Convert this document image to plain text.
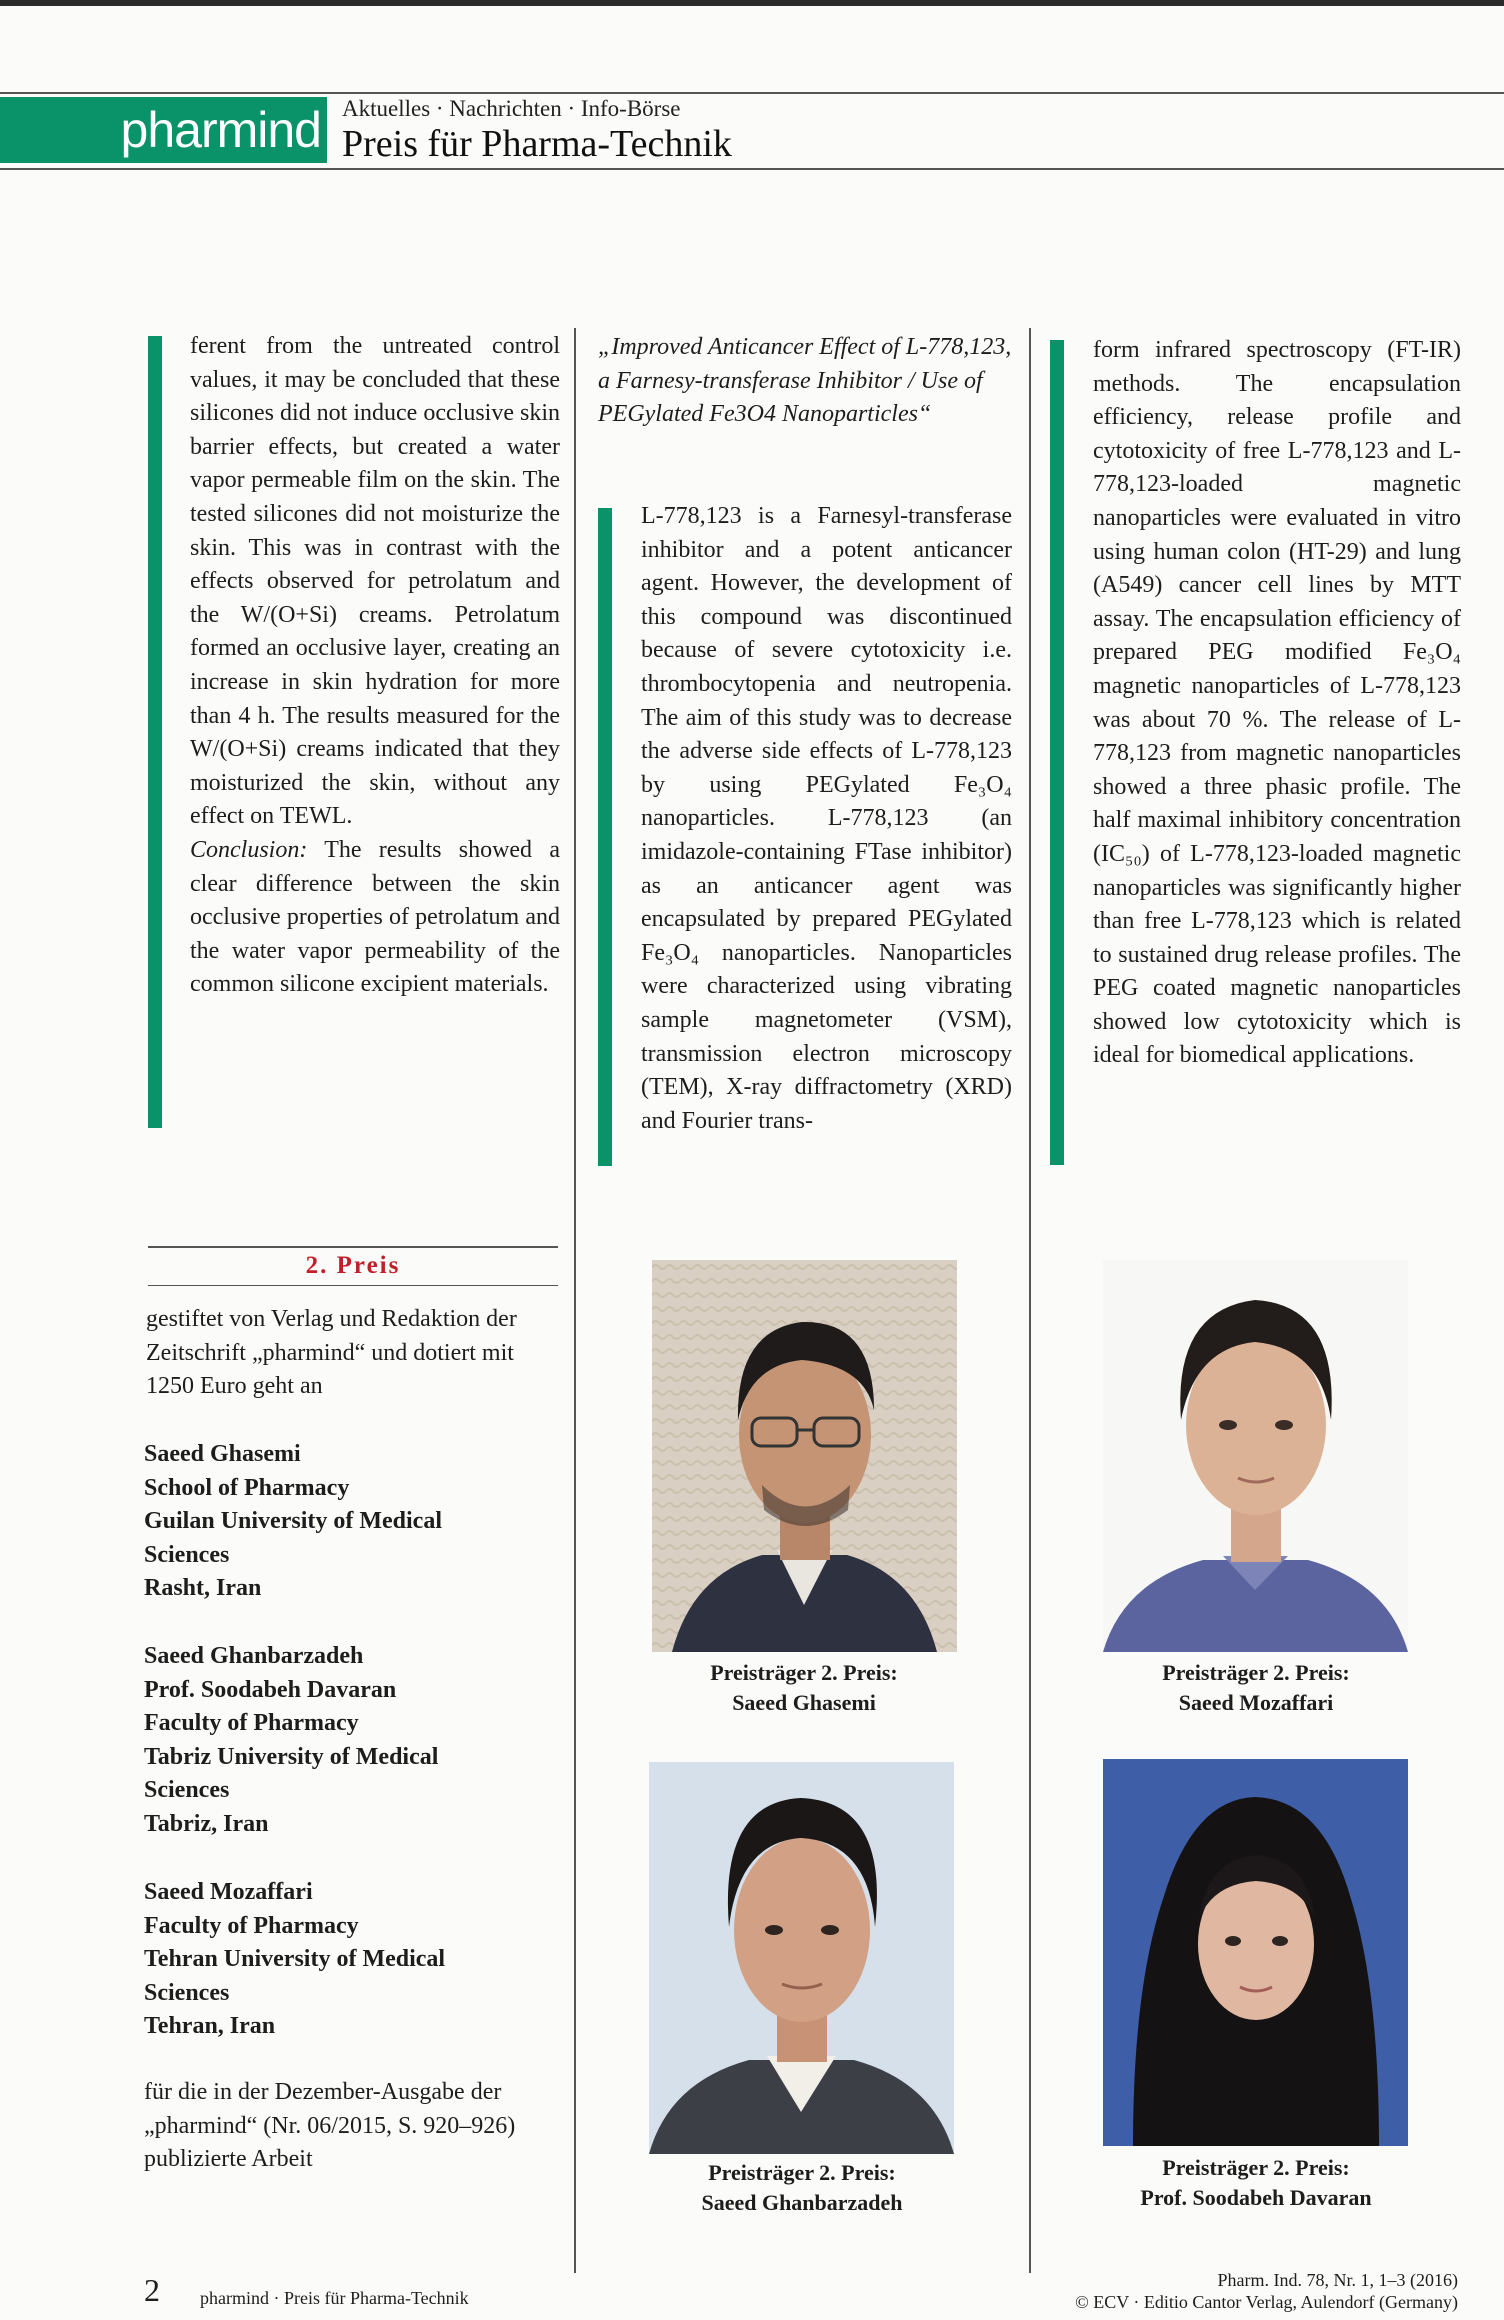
pharmind Aktuelles · Nachrichten · Info-Börse
Preis für Pharma-Technik

ferent from the untreated control values, it may be concluded that these silicones did not induce occlusive skin barrier effects, but created a water vapor permeable film on the skin. The tested silicones did not moisturize the skin. This was in contrast with the effects observed for petrolatum and the W/(O+Si) creams. Petrolatum formed an occlusive layer, creating an increase in skin hydration for more than 4 h. The results measured for the W/(O+Si) creams indicated that they moisturized the skin, without any effect on TEWL.

Conclusion: The results showed a clear difference between the skin occlusive properties of petrolatum and the water vapor permeability of the common silicone excipient materials.

2. Preis
gestiftet von Verlag und Redaktion der Zeitschrift „pharmind“ und dotiert mit 1250 Euro geht an
Saeed Ghasemi
School of Pharmacy
Guilan University of Medical
Sciences
Rasht, Iran
Saeed Ghanbarzadeh
Prof. Soodabeh Davaran
Faculty of Pharmacy
Tabriz University of Medical
Sciences
Tabriz, Iran
Saeed Mozaffari
Faculty of Pharmacy
Tehran University of Medical
Sciences
Tehran, Iran
für die in der Dezember-Ausgabe der „pharmind“ (Nr. 06/2015, S. 920–926) publizierte Arbeit
„Improved Anticancer Effect of L-778,123, a Farnesy-transferase Inhibitor / Use of PEGylated Fe3O4 Nanoparticles“
L-778,123 is a Farnesyl-transferase inhibitor and a potent anticancer agent. However, the development of this compound was discontinued because of severe cytotoxicity i.e. thrombocytopenia and neutropenia. The aim of this study was to decrease the adverse side effects of L-778,123 by using PEGylated Fe₃O₄ nanoparticles. L-778,123 (an imidazole-containing FTase inhibitor) as an anticancer agent was encapsulated by prepared PEGylated Fe₃O₄ nanoparticles. Nanoparticles were characterized using vibrating sample magnetometer (VSM), transmission electron microscopy (TEM), X-ray diffractometry (XRD) and Fourier trans-
form infrared spectroscopy (FT-IR) methods. The encapsulation efficiency, release profile and cytotoxicity of free L-778,123 and L-778,123-loaded magnetic nanoparticles were evaluated in vitro using human colon (HT-29) and lung (A549) cancer cell lines by MTT assay. The encapsulation efficiency of prepared PEG modified Fe₃O₄ magnetic nanoparticles of L-778,123 was about 70 %. The release of L-778,123 from magnetic nanoparticles showed a three phasic profile. The half maximal inhibitory concentration (IC₅₀) of L-778,123-loaded magnetic nanoparticles was significantly higher than free L-778,123 which is related to sustained drug release profiles. The PEG coated magnetic nanoparticles showed low cytotoxicity which is ideal for biomedical applications.
Preisträger 2. Preis:
Saeed Ghasemi
Preisträger 2. Preis:
Saeed Mozaffari
Preisträger 2. Preis:
Saeed Ghanbarzadeh
Preisträger 2. Preis:
Prof. Soodabeh Davaran
2 pharmind · Preis für Pharma-Technik
Pharm. Ind. 78, Nr. 1, 1–3 (2016)
© ECV · Editio Cantor Verlag, Aulendorf (Germany)
